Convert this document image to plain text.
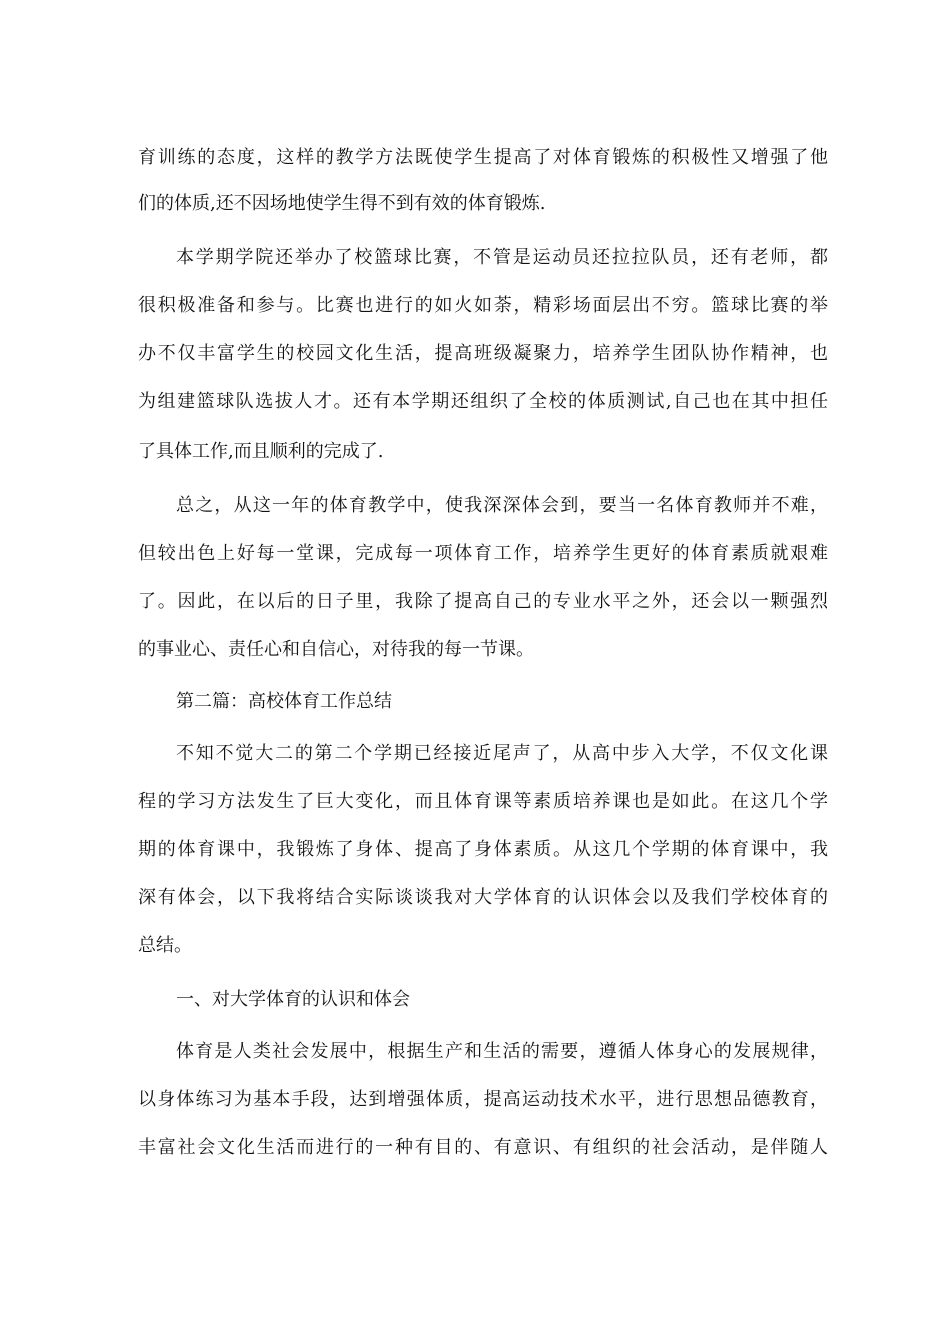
育训练的态度，这样的教学方法既使学生提高了对体育锻炼的积极性又增强了他
们的体质,还不因场地使学生得不到有效的体育锻炼.
本学期学院还举办了校篮球比赛，不管是运动员还拉拉队员，还有老师，都
很积极准备和参与。比赛也进行的如火如荼，精彩场面层出不穷。篮球比赛的举
办不仅丰富学生的校园文化生活，提高班级凝聚力，培养学生团队协作精神，也
为组建篮球队选拔人才。还有本学期还组织了全校的体质测试,自己也在其中担任
了具体工作,而且顺利的完成了.
总之，从这一年的体育教学中，使我深深体会到，要当一名体育教师并不难，
但较出色上好每一堂课，完成每一项体育工作，培养学生更好的体育素质就艰难
了。因此，在以后的日子里，我除了提高自己的专业水平之外，还会以一颗强烈
的事业心、责任心和自信心，对待我的每一节课。
第二篇：高校体育工作总结
不知不觉大二的第二个学期已经接近尾声了，从高中步入大学，不仅文化课
程的学习方法发生了巨大变化，而且体育课等素质培养课也是如此。在这几个学
期的体育课中，我锻炼了身体、提高了身体素质。从这几个学期的体育课中，我
深有体会，以下我将结合实际谈谈我对大学体育的认识体会以及我们学校体育的
总结。
一、对大学体育的认识和体会
体育是人类社会发展中，根据生产和生活的需要，遵循人体身心的发展规律，
以身体练习为基本手段，达到增强体质，提高运动技术水平，进行思想品德教育，
丰富社会文化生活而进行的一种有目的、有意识、有组织的社会活动，是伴随人
